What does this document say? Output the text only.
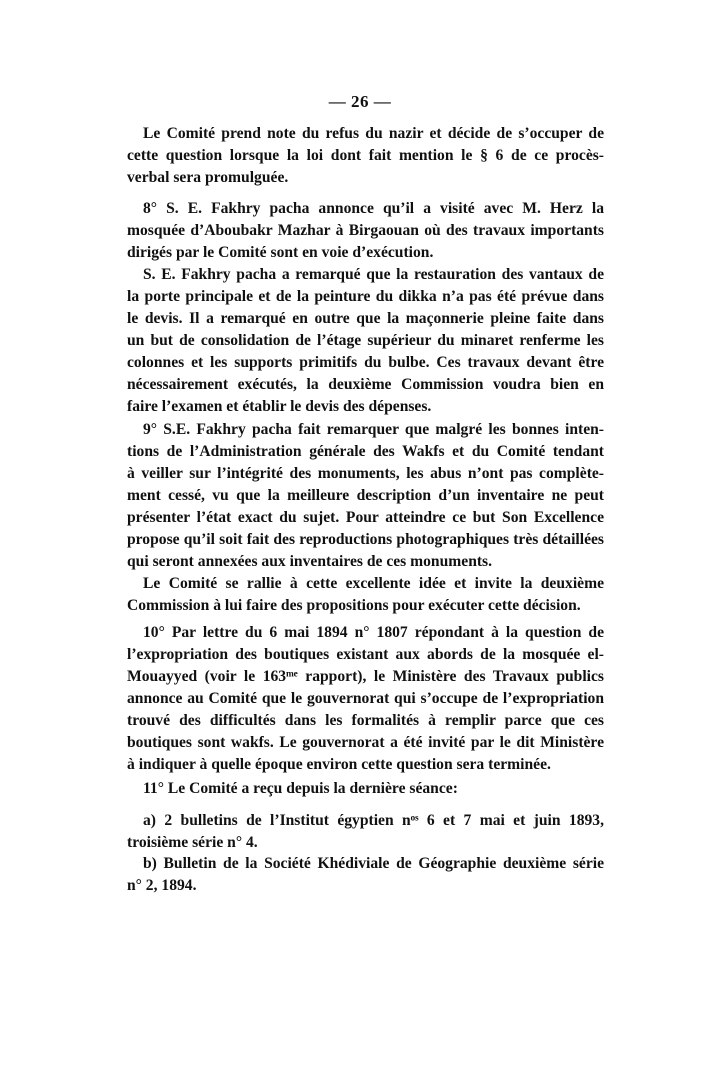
— 26 —
Le Comité prend note du refus du nazir et décide de s’occuper de
cette question lorsque la loi dont fait mention le § 6 de ce procès-
verbal sera promulguée.
8° S. E. Fakhry pacha annonce qu’il a visité avec M. Herz la
mosquée d’Aboubakr Mazhar à Birgaouan où des travaux importants
dirigés par le Comité sont en voie d’exécution.
S. E. Fakhry pacha a remarqué que la restauration des vantaux de
la porte principale et de la peinture du dikka n’a pas été prévue dans
le devis. Il a remarqué en outre que la maçonnerie pleine faite dans
un but de consolidation de l’étage supérieur du minaret renferme les
colonnes et les supports primitifs du bulbe. Ces travaux devant être
nécessairement exécutés, la deuxième Commission voudra bien en
faire l’examen et établir le devis des dépenses.
9° S.E. Fakhry pacha fait remarquer que malgré les bonnes inten-
tions de l’Administration générale des Wakfs et du Comité tendant
à veiller sur l’intégrité des monuments, les abus n’ont pas complète-
ment cessé, vu que la meilleure description d’un inventaire ne peut
présenter l’état exact du sujet. Pour atteindre ce but Son Excellence
propose qu’il soit fait des reproductions photographiques très détaillées
qui seront annexées aux inventaires de ces monuments.
Le Comité se rallie à cette excellente idée et invite la deuxième
Commission à lui faire des propositions pour exécuter cette décision.
10° Par lettre du 6 mai 1894 n° 1807 répondant à la question de
l’expropriation des boutiques existant aux abords de la mosquée el-
Mouayyed (voir le 163ᵐᵉ rapport), le Ministère des Travaux publics
annonce au Comité que le gouvernorat qui s’occupe de l’expropriation
trouvé des difficultés dans les formalités à remplir parce que ces
boutiques sont wakfs. Le gouvernorat a été invité par le dit Ministère
à indiquer à quelle époque environ cette question sera terminée.
11° Le Comité a reçu depuis la dernière séance:
a) 2 bulletins de l’Institut égyptien nᵒˢ 6 et 7 mai et juin 1893,
troisième série n° 4.
b) Bulletin de la Société Khédiviale de Géographie deuxième série
n° 2, 1894.
